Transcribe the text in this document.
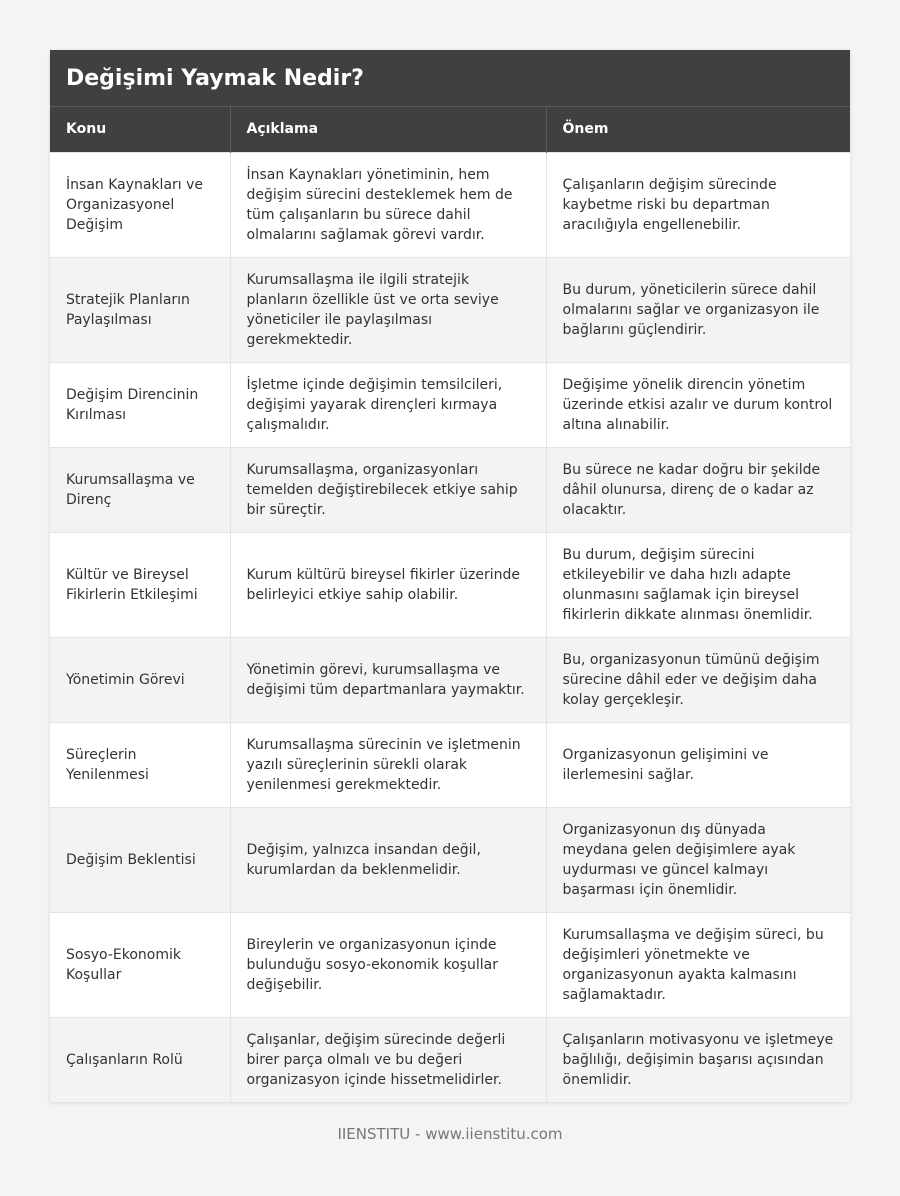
Değişimi Yaymak Nedir?
Konu	Açıklama	Önem
İnsan Kaynakları ve Organizasyonel Değişim	İnsan Kaynakları yönetiminin, hem değişim sürecini desteklemek hem de tüm çalışanların bu sürece dahil olmalarını sağlamak görevi vardır.	Çalışanların değişim sürecinde kaybetme riski bu departman aracılığıyla engellenebilir.
Stratejik Planların Paylaşılması	Kurumsallaşma ile ilgili stratejik planların özellikle üst ve orta seviye yöneticiler ile paylaşılması gerekmektedir.	Bu durum, yöneticilerin sürece dahil olmalarını sağlar ve organizasyon ile bağlarını güçlendirir.
Değişim Direncinin Kırılması	İşletme içinde değişimin temsilcileri, değişimi yayarak dirençleri kırmaya çalışmalıdır.	Değişime yönelik direncin yönetim üzerinde etkisi azalır ve durum kontrol altına alınabilir.
Kurumsallaşma ve Direnç	Kurumsallaşma, organizasyonları temelden değiştirebilecek etkiye sahip bir süreçtir.	Bu sürece ne kadar doğru bir şekilde dâhil olunursa, direnç de o kadar az olacaktır.
Kültür ve Bireysel Fikirlerin Etkileşimi	Kurum kültürü bireysel fikirler üzerinde belirleyici etkiye sahip olabilir.	Bu durum, değişim sürecini etkileyebilir ve daha hızlı adapte olunmasını sağlamak için bireysel fikirlerin dikkate alınması önemlidir.
Yönetimin Görevi	Yönetimin görevi, kurumsallaşma ve değişimi tüm departmanlara yaymaktır.	Bu, organizasyonun tümünü değişim sürecine dâhil eder ve değişim daha kolay gerçekleşir.
Süreçlerin Yenilenmesi	Kurumsallaşma sürecinin ve işletmenin yazılı süreçlerinin sürekli olarak yenilenmesi gerekmektedir.	Organizasyonun gelişimini ve ilerlemesini sağlar.
Değişim Beklentisi	Değişim, yalnızca insandan değil, kurumlardan da beklenmelidir.	Organizasyonun dış dünyada meydana gelen değişimlere ayak uydurması ve güncel kalmayı başarması için önemlidir.
Sosyo-Ekonomik Koşullar	Bireylerin ve organizasyonun içinde bulunduğu sosyo-ekonomik koşullar değişebilir.	Kurumsallaşma ve değişim süreci, bu değişimleri yönetmekte ve organizasyonun ayakta kalmasını sağlamaktadır.
Çalışanların Rolü	Çalışanlar, değişim sürecinde değerli birer parça olmalı ve bu değeri organizasyon içinde hissetmelidirler.	Çalışanların motivasyonu ve işletmeye bağlılığı, değişimin başarısı açısından önemlidir.
IIENSTITU - www.iienstitu.com
